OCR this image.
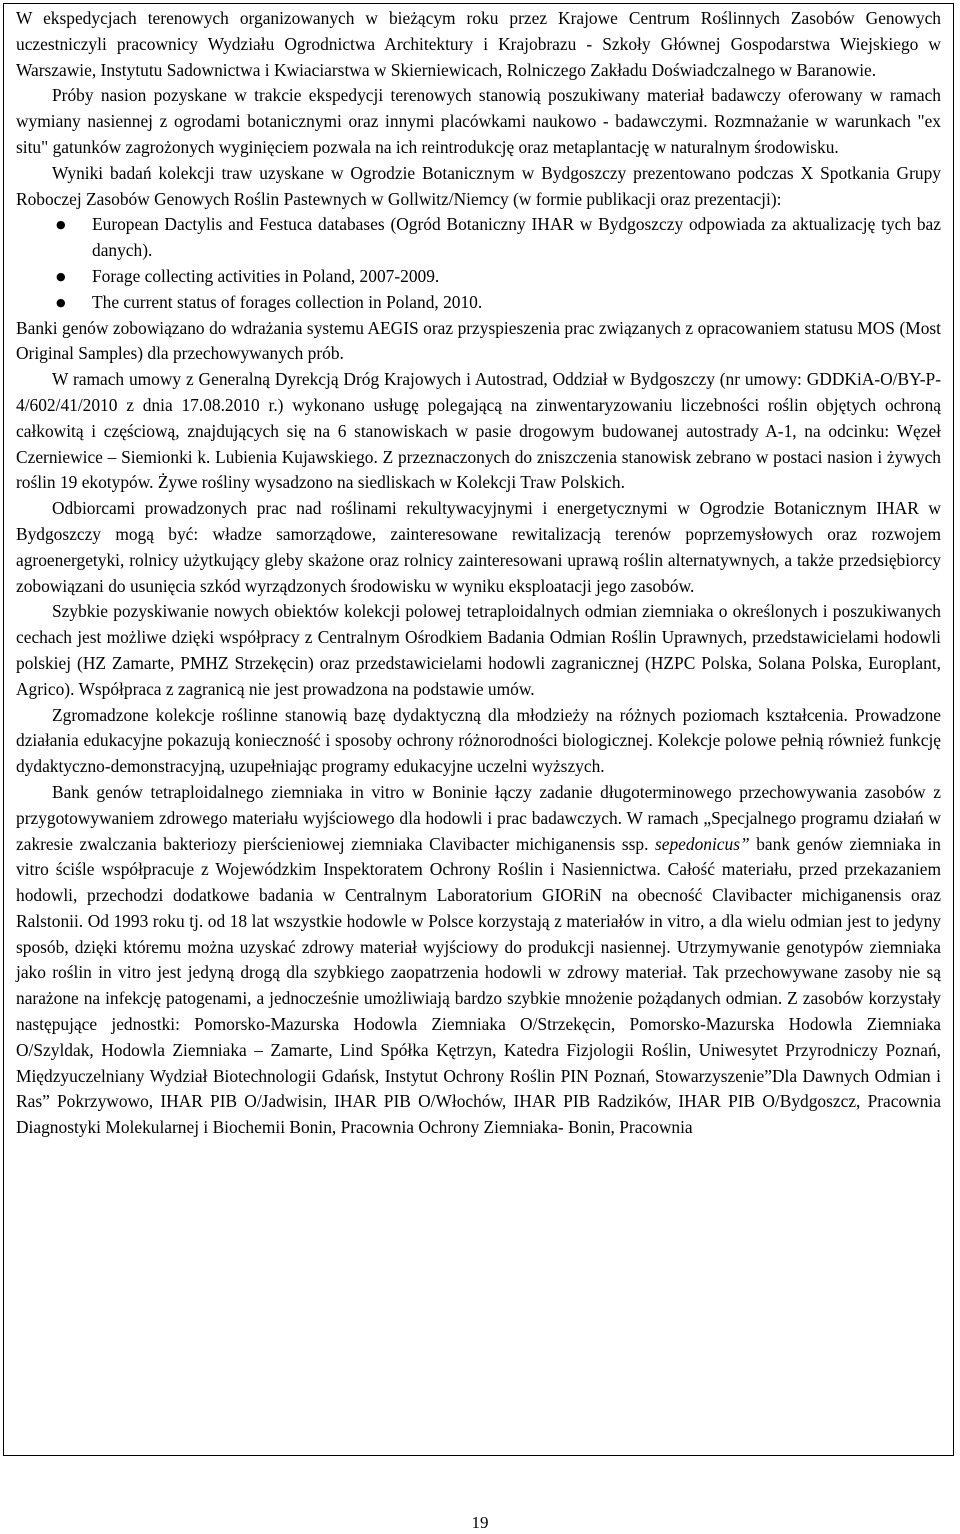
W ekspedycjach terenowych organizowanych w bieżącym roku przez Krajowe Centrum Roślinnych Zasobów Genowych uczestniczyli pracownicy Wydziału Ogrodnictwa Architektury i Krajobrazu - Szkoły Głównej Gospodarstwa Wiejskiego w Warszawie, Instytutu Sadownictwa i Kwiaciarstwa w Skierniewicach, Rolniczego Zakładu Doświadczalnego w Baranowie.

Próby nasion pozyskane w trakcie ekspedycji terenowych stanowią poszukiwany materiał badawczy oferowany w ramach wymiany nasiennej z ogrodami botanicznymi oraz innymi placówkami naukowo - badawczymi. Rozmnażanie w warunkach "ex situ" gatunków zagrożonych wyginięciem pozwala na ich reintrodukcję oraz metaplantację w naturalnym środowisku.

Wyniki badań kolekcji traw uzyskane w Ogrodzie Botanicznym w Bydgoszczy prezentowano podczas X Spotkania Grupy Roboczej Zasobów Genowych Roślin Pastewnych w Gollwitz/Niemcy (w formie publikacji oraz prezentacji):

● European Dactylis and Festuca databases (Ogród Botaniczny IHAR w Bydgoszczy odpowiada za aktualizację tych baz danych).
● Forage collecting activities in Poland, 2007-2009.
● The current status of forages collection in Poland, 2010.

Banki genów zobowiązano do wdrażania systemu AEGIS oraz przyspieszenia prac związanych z opracowaniem statusu MOS (Most Original Samples) dla przechowywanych prób.

W ramach umowy z Generalną Dyrekcją Dróg Krajowych i Autostrad, Oddział w Bydgoszczy (nr umowy: GDDKiA-O/BY-P-4/602/41/2010 z dnia 17.08.2010 r.) wykonano usługę polegającą na zinwentaryzowaniu liczebności roślin objętych ochroną całkowitą i częściową, znajdujących się na 6 stanowiskach w pasie drogowym budowanej autostrady A-1, na odcinku: Węzeł Czerniewice – Siemionki k. Lubienia Kujawskiego. Z przeznaczonych do zniszczenia stanowisk zebrano w postaci nasion i żywych roślin 19 ekotypów. Żywe rośliny wysadzono na siedliskach w Kolekcji Traw Polskich.

Odbiorcami prowadzonych prac nad roślinami rekultywacyjnymi i energetycznymi w Ogrodzie Botanicznym IHAR w Bydgoszczy mogą być: władze samorządowe, zainteresowane rewitalizacją terenów poprzemysłowych oraz rozwojem agroenergetyki, rolnicy użytkujący gleby skażone oraz rolnicy zainteresowani uprawą roślin alternatywnych, a także przedsiębiorcy zobowiązani do usunięcia szkód wyrządzonych środowisku w wyniku eksploatacji jego zasobów.

Szybkie pozyskiwanie nowych obiektów kolekcji polowej tetraploidalnych odmian ziemniaka o określonych i poszukiwanych cechach jest możliwe dzięki współpracy z Centralnym Ośrodkiem Badania Odmian Roślin Uprawnych, przedstawicielami hodowli polskiej (HZ Zamarte, PMHZ Strzekęcin) oraz przedstawicielami hodowli zagranicznej (HZPC Polska, Solana Polska, Europlant, Agrico). Współpraca z zagranicą nie jest prowadzona na podstawie umów.

Zgromadzone kolekcje roślinne stanowią bazę dydaktyczną dla młodzieży na różnych poziomach kształcenia. Prowadzone działania edukacyjne pokazują konieczność i sposoby ochrony różnorodności biologicznej. Kolekcje polowe pełnią również funkcję dydaktyczno-demonstracyjną, uzupełniając programy edukacyjne uczelni wyższych.

Bank genów tetraploidalnego ziemniaka in vitro w Boninie łączy zadanie długoterminowego przechowywania zasobów z przygotowywaniem zdrowego materiału wyjściowego dla hodowli i prac badawczych. W ramach „Specjalnego programu działań w zakresie zwalczania bakteriozy pierścieniowej ziemniaka Clavibacter michiganensis ssp. sepedonicus” bank genów ziemniaka in vitro ściśle współpracuje z Wojewódzkim Inspektoratem Ochrony Roślin i Nasiennictwa. Całość materiału, przed przekazaniem hodowli, przechodzi dodatkowe badania w Centralnym Laboratorium GIORiN na obecność Clavibacter michiganensis oraz Ralstonii. Od 1993 roku tj. od 18 lat wszystkie hodowle w Polsce korzystają z materiałów in vitro, a dla wielu odmian jest to jedyny sposób, dzięki któremu można uzyskać zdrowy materiał wyjściowy do produkcji nasiennej. Utrzymywanie genotypów ziemniaka jako roślin in vitro jest jedyną drogą dla szybkiego zaopatrzenia hodowli w zdrowy materiał. Tak przechowywane zasoby nie są narażone na infekcję patogenami, a jednocześnie umożliwiają bardzo szybkie mnożenie pożądanych odmian. Z zasobów korzystały następujące jednostki: Pomorsko-Mazurska Hodowla Ziemniaka O/Strzekęcin, Pomorsko-Mazurska Hodowla Ziemniaka O/Szyldak, Hodowla Ziemniaka – Zamarte, Lind Spółka Kętrzyn, Katedra Fizjologii Roślin, Uniwesytet Przyrodniczy Poznań, Międzyuczelniany Wydział Biotechnologii Gdańsk, Instytut Ochrony Roślin PIN Poznań, Stowarzyszenie”Dla Dawnych Odmian i Ras” Pokrzywowo, IHAR PIB O/Jadwisin, IHAR PIB O/Włochów, IHAR PIB Radzików, IHAR PIB O/Bydgoszcz, Pracownia Diagnostyki Molekularnej i Biochemii Bonin, Pracownia Ochrony Ziemniaka- Bonin, Pracownia

19
